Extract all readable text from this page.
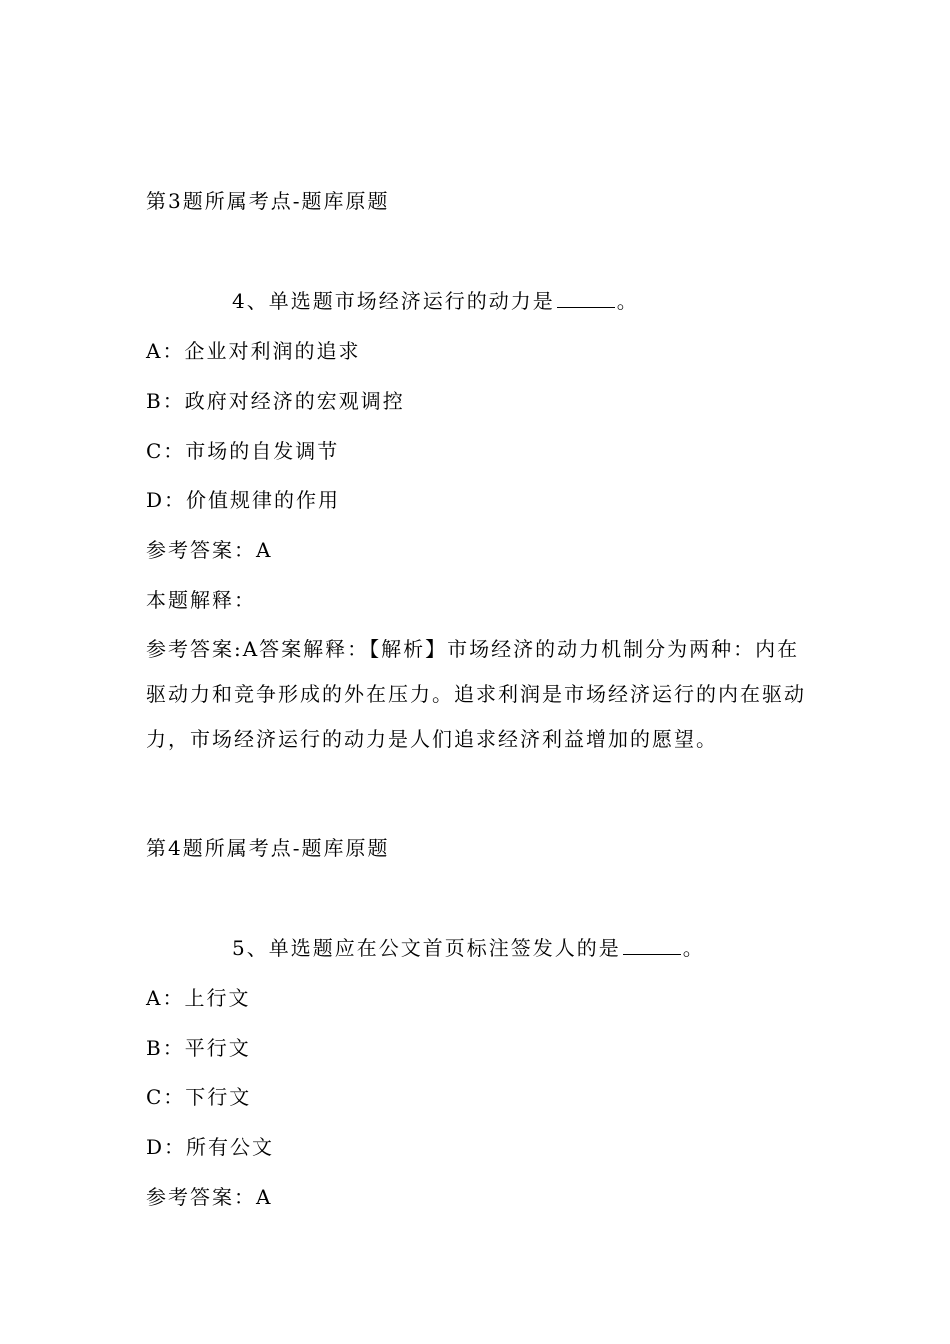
第3题所属考点-题库原题
4、单选题市场经济运行的动力是	。
A：企业对利润的追求
B：政府对经济的宏观调控
C：市场的自发调节
D：价值规律的作用
参考答案：A
本题解释：
参考答案:A答案解释：【解析】市场经济的动力机制分为两种：内在驱动力和竞争形成的外在压力。追求利润是市场经济运行的内在驱动力，市场经济运行的动力是人们追求经济利益增加的愿望。
第4题所属考点-题库原题
5、单选题应在公文首页标注签发人的是	。
A：上行文
B：平行文
C：下行文
D：所有公文
参考答案：A
